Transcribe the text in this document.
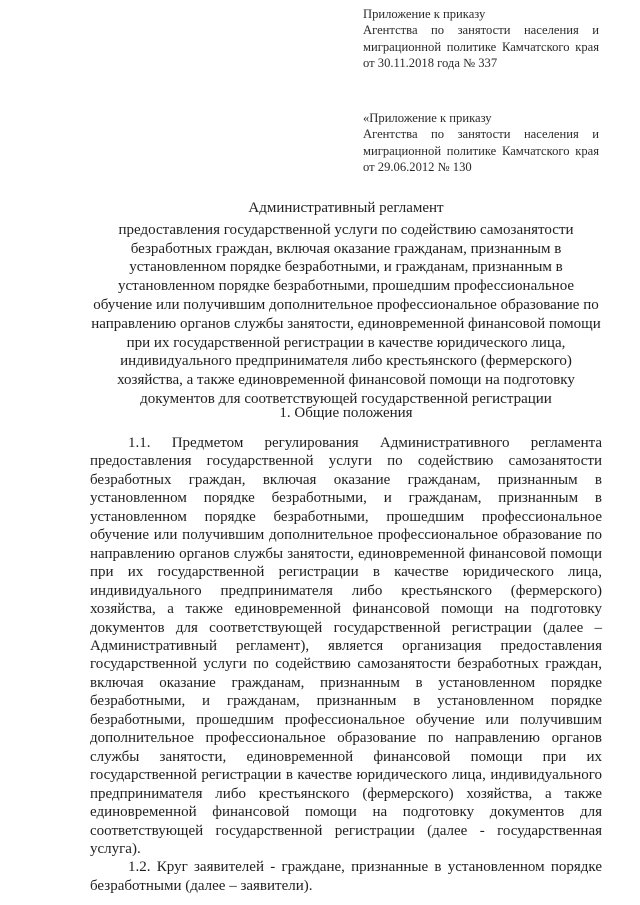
Приложение к приказу
Агентства по занятости населения и
миграционной политике Камчатского края
от 30.11.2018 года № 337
«Приложение к приказу
Агентства по занятости населения и
миграционной политике Камчатского края
от 29.06.2012 № 130
Административный регламент
предоставления государственной услуги по содействию самозанятости
безработных граждан, включая оказание гражданам, признанным в
установленном порядке безработными, и гражданам, признанным в
установленном порядке безработными, прошедшим профессиональное
обучение или получившим дополнительное профессиональное образование по
направлению органов службы занятости, единовременной финансовой помощи
при их государственной регистрации в качестве юридического лица,
индивидуального предпринимателя либо крестьянского (фермерского)
хозяйства, а также единовременной финансовой помощи на подготовку
документов для соответствующей государственной регистрации
1. Общие положения
1.1. Предметом регулирования Административного регламента
предоставления государственной услуги по содействию самозанятости
безработных граждан, включая оказание гражданам, признанным в
установленном порядке безработными, и гражданам, признанным в
установленном порядке безработными, прошедшим профессиональное
обучение или получившим дополнительное профессиональное образование по
направлению органов службы занятости, единовременной финансовой помощи
при их государственной регистрации в качестве юридического лица,
индивидуального предпринимателя либо крестьянского (фермерского)
хозяйства, а также единовременной финансовой помощи на подготовку
документов для соответствующей государственной регистрации (далее –
Административный регламент), является организация предоставления
государственной услуги по содействию самозанятости безработных граждан,
включая оказание гражданам, признанным в установленном порядке
безработными, и гражданам, признанным в установленном порядке
безработными, прошедшим профессиональное обучение или получившим
дополнительное профессиональное образование по направлению органов
службы занятости, единовременной финансовой помощи при их
государственной регистрации в качестве юридического лица, индивидуального
предпринимателя либо крестьянского (фермерского) хозяйства, а также
единовременной финансовой помощи на подготовку документов для
соответствующей государственной регистрации (далее - государственная
услуга).
1.2. Круг заявителей - граждане, признанные в установленном порядке
безработными (далее – заявители).
